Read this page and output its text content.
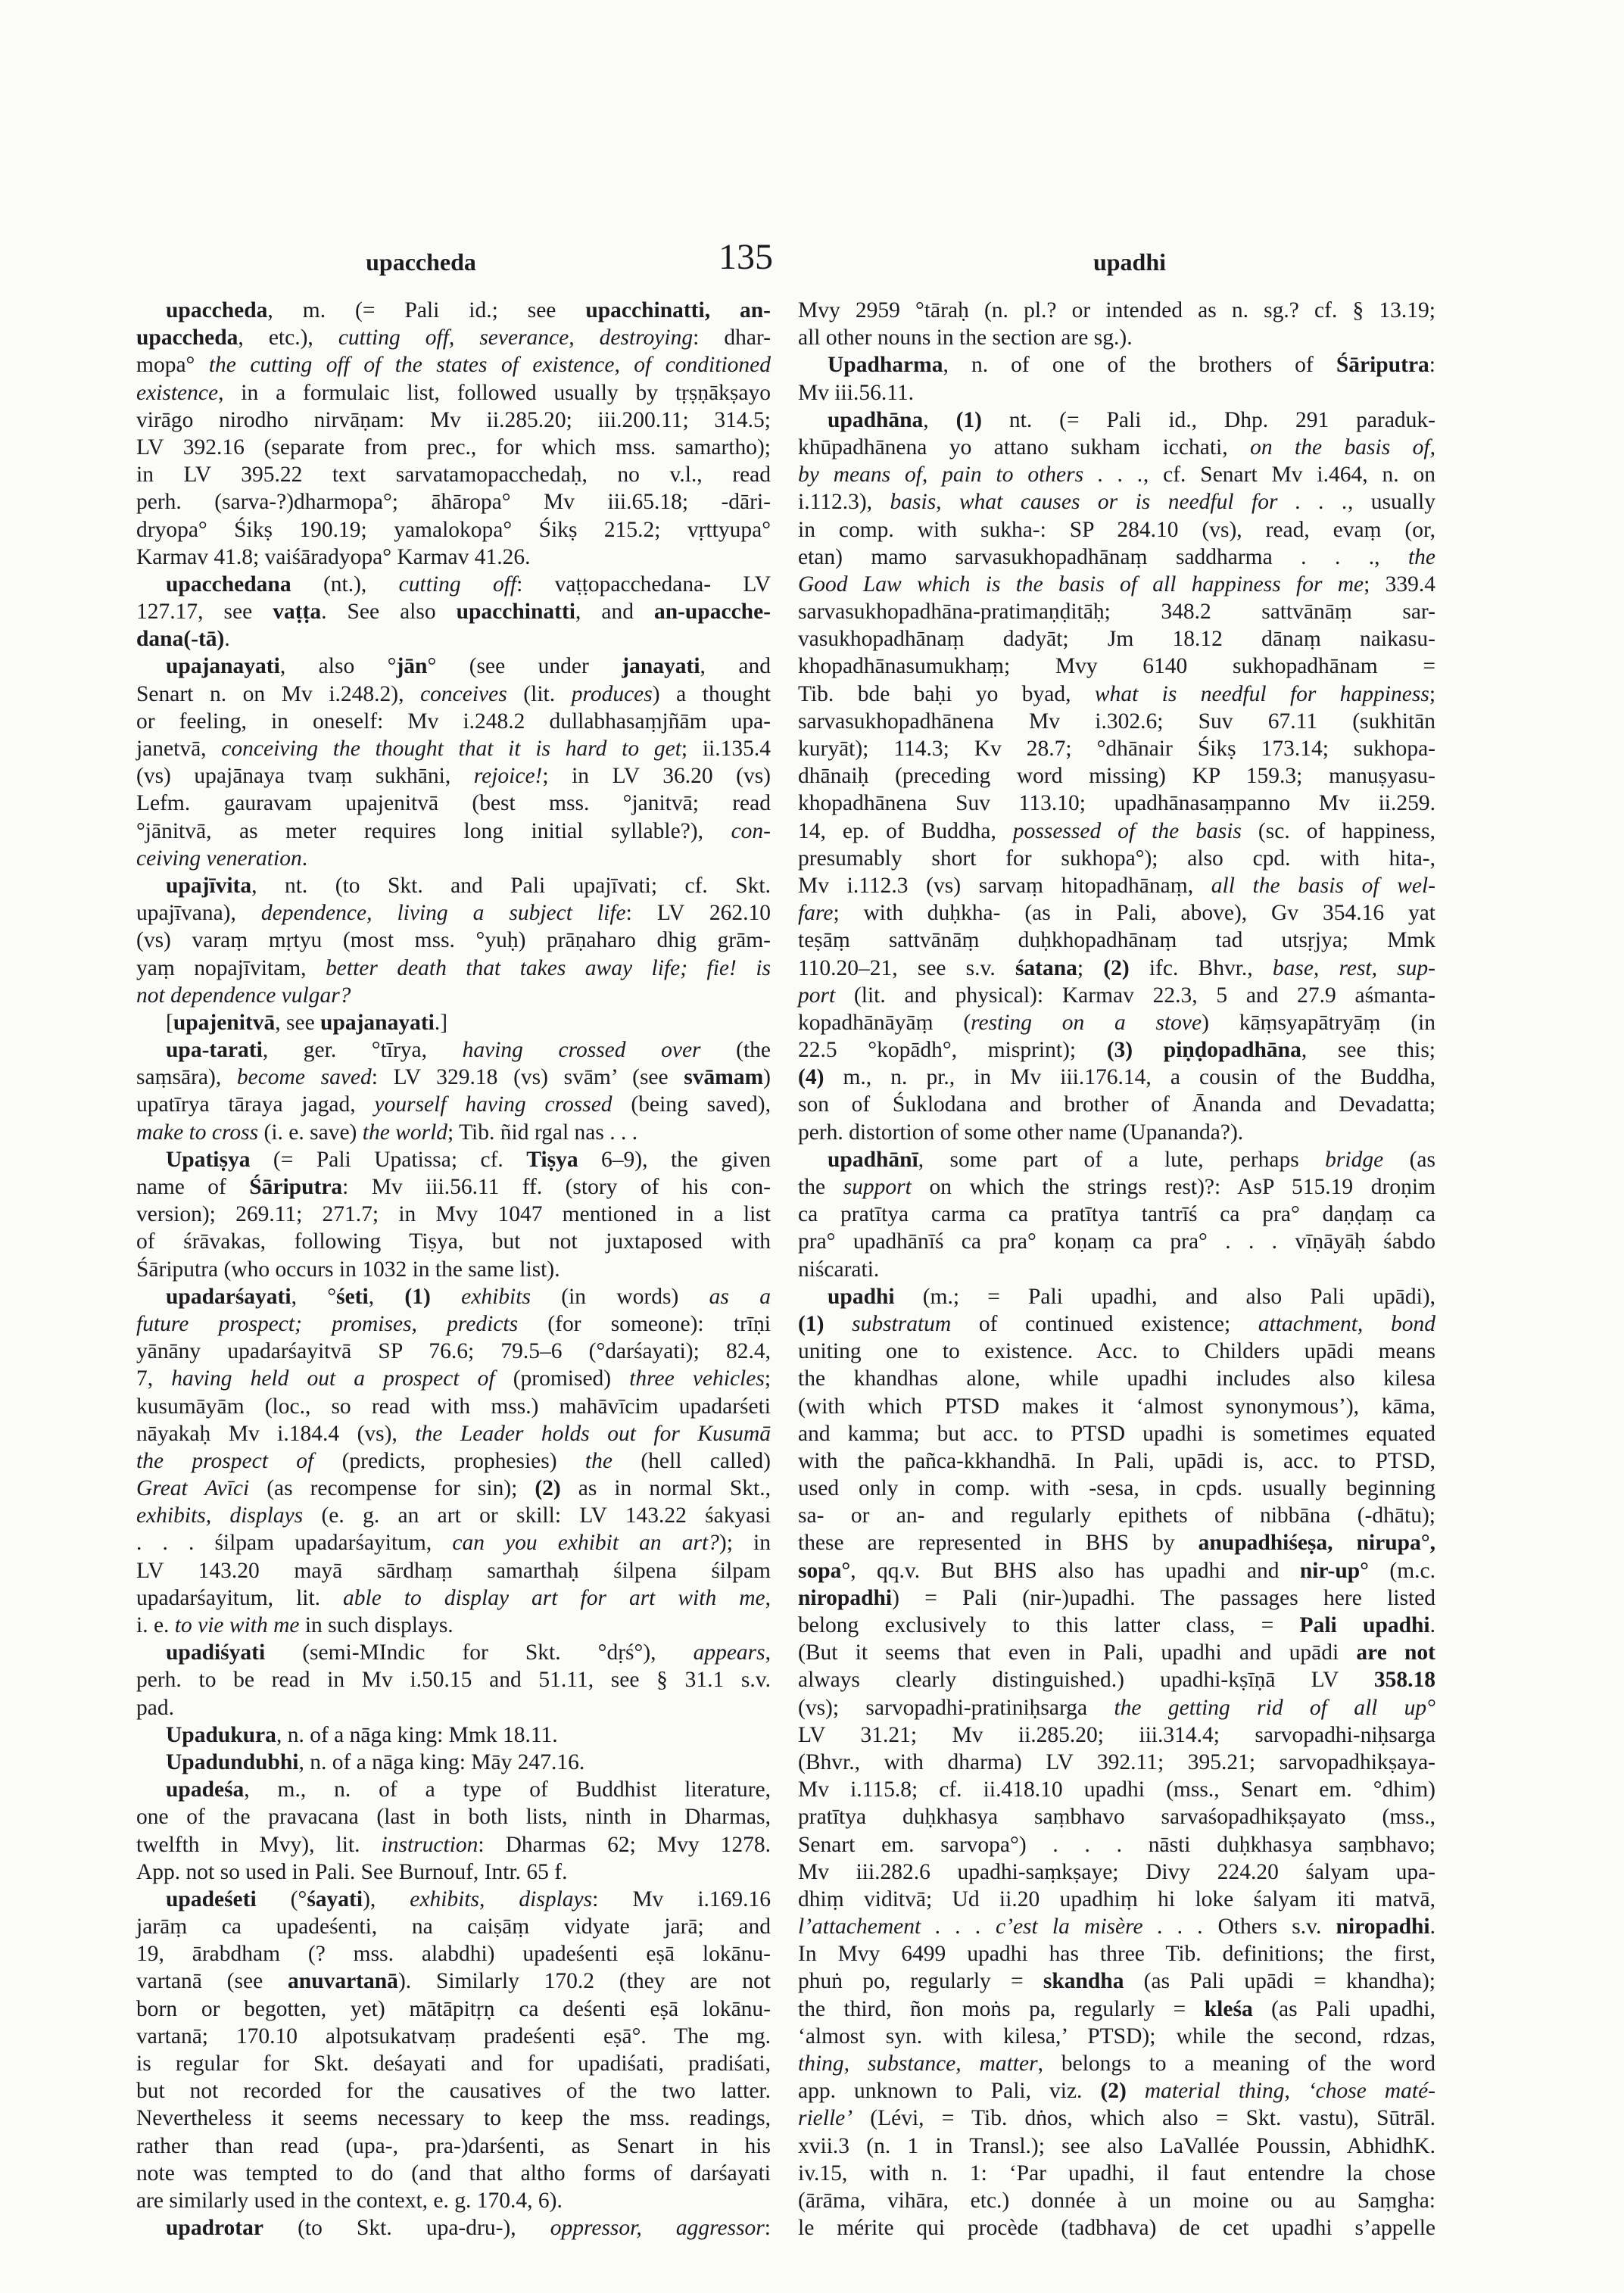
upaccheda	135	upadhi
upaccheda, m. (= Pali id.; see upacchinatti, an-
upaccheda, etc.), cutting off, severance, destroying: dhar-
mopa° the cutting off of the states of existence, of conditioned
existence, in a formulaic list, followed usually by tṛṣṇākṣayo
virāgo nirodho nirvāṇam: Mv ii.285.20; iii.200.11; 314.5;
LV 392.16 (separate from prec., for which mss. samartho);
in LV 395.22 text sarvatamopacchedaḥ, no v.l., read
perh. (sarva-?)dharmopa°; āhāropa° Mv iii.65.18; -dāri-
dryopa° Śikṣ 190.19; yamalokopa° Śikṣ 215.2; vṛttyupa°
Karmav 41.8; vaiśāradyopa° Karmav 41.26.
upacchedana (nt.), cutting off: vaṭṭopacchedana- LV
127.17, see vaṭṭa. See also upacchinatti, and an-upacche-
dana(-tā).
upajanayati, also °jān° (see under janayati, and
Senart n. on Mv i.248.2), conceives (lit. produces) a thought
or feeling, in oneself: Mv i.248.2 dullabhasaṃjñām upa-
janetvā, conceiving the thought that it is hard to get; ii.135.4
(vs) upajānaya tvaṃ sukhāni, rejoice!; in LV 36.20 (vs)
Lefm. gauravam upajenitvā (best mss. °janitvā; read
°jānitvā, as meter requires long initial syllable?), con-
ceiving veneration.
upajīvita, nt. (to Skt. and Pali upajīvati; cf. Skt.
upajīvana), dependence, living a subject life: LV 262.10
(vs) varaṃ mṛtyu (most mss. °yuḥ) prāṇaharo dhig grām-
yaṃ nopajīvitam, better death that takes away life; fie! is
not dependence vulgar?
[upajenitvā, see upajanayati.]
upa-tarati, ger. °tīrya, having crossed over (the
saṃsāra), become saved: LV 329.18 (vs) svām’ (see svāmam)
upatīrya tāraya jagad, yourself having crossed (being saved),
make to cross (i. e. save) the world; Tib. ñid rgal nas . . .
Upatiṣya (= Pali Upatissa; cf. Tiṣya 6–9), the given
name of Śāriputra: Mv iii.56.11 ff. (story of his con-
version); 269.11; 271.7; in Mvy 1047 mentioned in a list
of śrāvakas, following Tiṣya, but not juxtaposed with
Śāriputra (who occurs in 1032 in the same list).
upadarśayati, °śeti, (1) exhibits (in words) as a
future prospect; promises, predicts (for someone): trīṇi
yānāny upadarśayitvā SP 76.6; 79.5–6 (°darśayati); 82.4,
7, having held out a prospect of (promised) three vehicles;
kusumāyām (loc., so read with mss.) mahāvīcim upadarśeti
nāyakaḥ Mv i.184.4 (vs), the Leader holds out for Kusumā
the prospect of (predicts, prophesies) the (hell called)
Great Avīci (as recompense for sin); (2) as in normal Skt.,
exhibits, displays (e. g. an art or skill: LV 143.22 śakyasi
. . . śilpam upadarśayitum, can you exhibit an art?); in
LV 143.20 mayā sārdhaṃ samarthaḥ śilpena śilpam
upadarśayitum, lit. able to display art for art with me,
i. e. to vie with me in such displays.
upadiśyati (semi-MIndic for Skt. °dṛś°), appears,
perh. to be read in Mv i.50.15 and 51.11, see § 31.1 s.v.
pad.
Upadukura, n. of a nāga king: Mmk 18.11.
Upadundubhi, n. of a nāga king: Māy 247.16.
upadeśa, m., n. of a type of Buddhist literature,
one of the pravacana (last in both lists, ninth in Dharmas,
twelfth in Mvy), lit. instruction: Dharmas 62; Mvy 1278.
App. not so used in Pali. See Burnouf, Intr. 65 f.
upadeśeti (°śayati), exhibits, displays: Mv i.169.16
jarāṃ ca upadeśenti, na caiṣāṃ vidyate jarā; and
19, ārabdham (? mss. alabdhi) upadeśenti eṣā lokānu-
vartanā (see anuvartanā). Similarly 170.2 (they are not
born or begotten, yet) mātāpitṛṇ ca deśenti eṣā lokānu-
vartanā; 170.10 alpotsukatvaṃ pradeśenti eṣā°. The mg.
is regular for Skt. deśayati and for upadiśati, pradiśati,
but not recorded for the causatives of the two latter.
Nevertheless it seems necessary to keep the mss. readings,
rather than read (upa-, pra-)darśenti, as Senart in his
note was tempted to do (and that altho forms of darśayati
are similarly used in the context, e. g. 170.4, 6).
upadrotar (to Skt. upa-dru-), oppressor, aggressor:
Mvy 2959 °tāraḥ (n. pl.? or intended as n. sg.? cf. § 13.19;
all other nouns in the section are sg.).
Upadharma, n. of one of the brothers of Śāriputra:
Mv iii.56.11.
upadhāna, (1) nt. (= Pali id., Dhp. 291 paraduk-
khūpadhānena yo attano sukham icchati, on the basis of,
by means of, pain to others . . ., cf. Senart Mv i.464, n. on
i.112.3), basis, what causes or is needful for . . ., usually
in comp. with sukha-: SP 284.10 (vs), read, evaṃ (or,
etan) mamo sarvasukhopadhānaṃ saddharma . . ., the
Good Law which is the basis of all happiness for me; 339.4
sarvasukhopadhāna-pratimaṇḍitāḥ; 348.2 sattvānāṃ sar-
vasukhopadhānaṃ dadyāt; Jm 18.12 dānaṃ naikasu-
khopadhānasumukhaṃ; Mvy 6140 sukhopadhānam =
Tib. bde baḥi yo byad, what is needful for happiness;
sarvasukhopadhānena Mv i.302.6; Suv 67.11 (sukhitān
kuryāt); 114.3; Kv 28.7; °dhānair Śikṣ 173.14; sukhopa-
dhānaiḥ (preceding word missing) KP 159.3; manuṣyasu-
khopadhānena Suv 113.10; upadhānasaṃpanno Mv ii.259.
14, ep. of Buddha, possessed of the basis (sc. of happiness,
presumably short for sukhopa°); also cpd. with hita-,
Mv i.112.3 (vs) sarvaṃ hitopadhānaṃ, all the basis of wel-
fare; with duḥkha- (as in Pali, above), Gv 354.16 yat
teṣāṃ sattvānāṃ duḥkhopadhānaṃ tad utsṛjya; Mmk
110.20–21, see s.v. śatana; (2) ifc. Bhvr., base, rest, sup-
port (lit. and physical): Karmav 22.3, 5 and 27.9 aśmanta-
kopadhānāyāṃ (resting on a stove) kāṃsyapātryāṃ (in
22.5 °kopādh°, misprint); (3) piṇḍopadhāna, see this;
(4) m., n. pr., in Mv iii.176.14, a cousin of the Buddha,
son of Śuklodana and brother of Ānanda and Devadatta;
perh. distortion of some other name (Upananda?).
upadhānī, some part of a lute, perhaps bridge (as
the support on which the strings rest)?: AsP 515.19 droṇim
ca pratītya carma ca pratītya tantrīś ca pra° daṇḍaṃ ca
pra° upadhānīś ca pra° koṇaṃ ca pra° . . . vīṇāyāḥ śabdo
niścarati.
upadhi (m.; = Pali upadhi, and also Pali upādi),
(1) substratum of continued existence; attachment, bond
uniting one to existence. Acc. to Childers upādi means
the khandhas alone, while upadhi includes also kilesa
(with which PTSD makes it ‘almost synonymous’), kāma,
and kamma; but acc. to PTSD upadhi is sometimes equated
with the pañca-kkhandhā. In Pali, upādi is, acc. to PTSD,
used only in comp. with -sesa, in cpds. usually beginning
sa- or an- and regularly epithets of nibbāna (-dhātu);
these are represented in BHS by anupadhiśeṣa, nirupa°,
sopa°, qq.v. But BHS also has upadhi and nir-up° (m.c.
niropadhi) = Pali (nir-)upadhi. The passages here listed
belong exclusively to this latter class, = Pali upadhi.
(But it seems that even in Pali, upadhi and upādi are not
always clearly distinguished.) upadhi-kṣīṇā LV 358.18
(vs); sarvopadhi-pratiniḥsarga the getting rid of all up°
LV 31.21; Mv ii.285.20; iii.314.4; sarvopadhi-niḥsarga
(Bhvr., with dharma) LV 392.11; 395.21; sarvopadhikṣaya-
Mv i.115.8; cf. ii.418.10 upadhi (mss., Senart em. °dhim)
pratītya duḥkhasya saṃbhavo sarvaśopadhikṣayato (mss.,
Senart em. sarvopa°) . . . nāsti duḥkhasya saṃbhavo;
Mv iii.282.6 upadhi-saṃkṣaye; Divy 224.20 śalyam upa-
dhiṃ viditvā; Ud ii.20 upadhiṃ hi loke śalyam iti matvā,
l’attachement . . . c’est la misère . . . Others s.v. niropadhi.
In Mvy 6499 upadhi has three Tib. definitions; the first,
phuṅ po, regularly = skandha (as Pali upādi = khandha);
the third, ñon moṅs pa, regularly = kleśa (as Pali upadhi,
‘almost syn. with kilesa,’ PTSD); while the second, rdzas,
thing, substance, matter, belongs to a meaning of the word
app. unknown to Pali, viz. (2) material thing, ‘chose maté-
rielle’ (Lévi, = Tib. dṅos, which also = Skt. vastu), Sūtrāl.
xvii.3 (n. 1 in Transl.); see also LaVallée Poussin, AbhidhK.
iv.15, with n. 1: ‘Par upadhi, il faut entendre la chose
(ārāma, vihāra, etc.) donnée à un moine ou au Saṃgha:
le mérite qui procède (tadbhava) de cet upadhi s’appelle
